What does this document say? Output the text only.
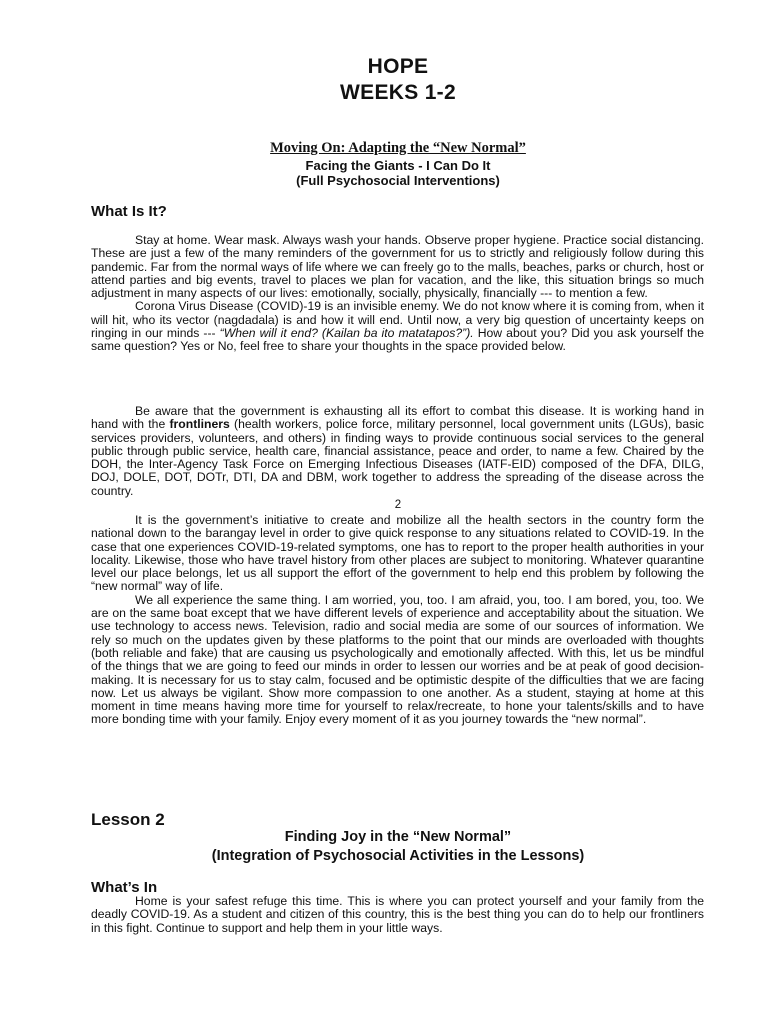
HOPE
WEEKS 1-2
Moving On: Adapting the “New Normal”
Facing the Giants - I Can Do It
(Full Psychosocial Interventions)
What Is It?

Stay at home. Wear mask. Always wash your hands. Observe proper hygiene. Practice social distancing. These are just a few of the many reminders of the government for us to strictly and religiously follow during this pandemic. Far from the normal ways of life where we can freely go to the malls, beaches, parks or church, host or attend parties and big events, travel to places we plan for vacation, and the like, this situation brings so much adjustment in many aspects of our lives: emotionally, socially, physically, financially --- to mention a few.

Corona Virus Disease (COVID)-19 is an invisible enemy. We do not know where it is coming from, when it will hit, who its vector (nagdadala) is and how it will end. Until now, a very big question of uncertainty keeps on ringing in our minds --- “When will it end? (Kailan ba ito matatapos?”). How about you? Did you ask yourself the same question? Yes or No, feel free to share your thoughts in the space provided below.

Be aware that the government is exhausting all its effort to combat this disease. It is working hand in hand with the frontliners (health workers, police force, military personnel, local government units (LGUs), basic services providers, volunteers, and others) in finding ways to provide continuous social services to the general public through public service, health care, financial assistance, peace and order, to name a few. Chaired by the DOH, the Inter-Agency Task Force on Emerging Infectious Diseases (IATF-EID) composed of the DFA, DILG, DOJ, DOLE, DOT, DOTr, DTI, DA and DBM, work together to address the spreading of the disease across the country.

2

It is the government’s initiative to create and mobilize all the health sectors in the country form the national down to the barangay level in order to give quick response to any situations related to COVID-19. In the case that one experiences COVID-19-related symptoms, one has to report to the proper health authorities in your locality. Likewise, those who have travel history from other places are subject to monitoring. Whatever quarantine level our place belongs, let us all support the effort of the government to help end this problem by following the “new normal” way of life.

We all experience the same thing. I am worried, you, too. I am afraid, you, too. I am bored, you, too. We are on the same boat except that we have different levels of experience and acceptability about the situation. We use technology to access news. Television, radio and social media are some of our sources of information. We rely so much on the updates given by these platforms to the point that our minds are overloaded with thoughts (both reliable and fake) that are causing us psychologically and emotionally affected. With this, let us be mindful of the things that we are going to feed our minds in order to lessen our worries and be at peak of good decision-making. It is necessary for us to stay calm, focused and be optimistic despite of the difficulties that we are facing now. Let us always be vigilant. Show more compassion to one another. As a student, staying at home at this moment in time means having more time for yourself to relax/recreate, to hone your talents/skills and to have more bonding time with your family. Enjoy every moment of it as you journey towards the “new normal”.

Lesson 2
Finding Joy in the “New Normal”
(Integration of Psychosocial Activities in the Lessons)
What’s In

Home is your safest refuge this time. This is where you can protect yourself and your family from the deadly COVID-19. As a student and citizen of this country, this is the best thing you can do to help our frontliners in this fight. Continue to support and help them in your little ways.
